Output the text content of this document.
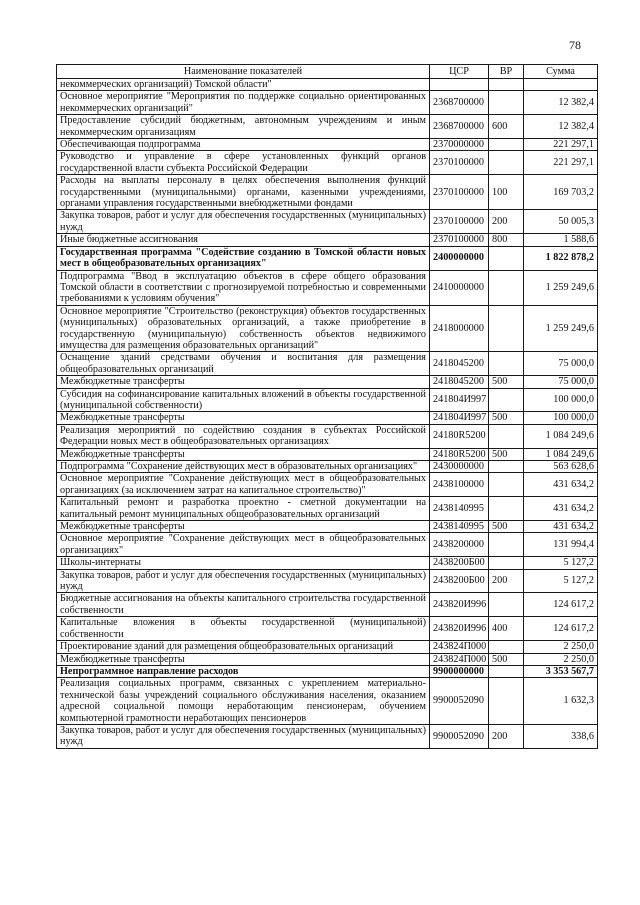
78
Наименование показателей	ЦСР	ВР	Сумма
некоммерческих организаций) Томской области"			
Основное мероприятие "Мероприятия по поддержке социально ориентированных некоммерческих организаций"	2368700000		12 382,4
Предоставление субсидий бюджетным, автономным учреждениям и иным некоммерческим организациям	2368700000	600	12 382,4
Обеспечивающая подпрограмма	2370000000		221 297,1
Руководство и управление в сфере установленных функций органов государственной власти субъекта Российской Федерации	2370100000		221 297,1
Расходы на выплаты персоналу в целях обеспечения выполнения функций государственными (муниципальными) органами, казенными учреждениями, органами управления государственными внебюджетными фондами	2370100000	100	169 703,2
Закупка товаров, работ и услуг для обеспечения государственных (муниципальных) нужд	2370100000	200	50 005,3
Иные бюджетные ассигнования	2370100000	800	1 588,6
Государственная программа "Содействие созданию в Томской области новых мест в общеобразовательных организациях"	2400000000		1 822 878,2
Подпрограмма "Ввод в эксплуатацию объектов в сфере общего образования Томской области в соответствии с прогнозируемой потребностью и современными требованиями к условиям обучения"	2410000000		1 259 249,6
Основное мероприятие "Строительство (реконструкция) объектов государственных (муниципальных) образовательных организаций, а также приобретение в государственную (муниципальную) собственность объектов недвижимого имущества для размещения образовательных организаций"	2418000000		1 259 249,6
Оснащение зданий средствами обучения и воспитания для размещения общеобразовательных организаций	2418045200		75 000,0
Межбюджетные трансферты	2418045200	500	75 000,0
Субсидия на софинансирование капитальных вложений в объекты государственной (муниципальной собственности)	241804И997		100 000,0
Межбюджетные трансферты	241804И997	500	100 000,0
Реализация мероприятий по содействию создания в субъектах Российской Федерации новых мест в общеобразовательных организациях	24180R5200		1 084 249,6
Межбюджетные трансферты	24180R5200	500	1 084 249,6
Подпрограмма "Сохранение действующих мест в образовательных организациях"	2430000000		563 628,6
Основное мероприятие "Сохранение действующих мест в общеобразовательных организациях (за исключением затрат на капитальное строительство)"	2438100000		431 634,2
Капитальный ремонт и разработка проектно - сметной документации на капитальный ремонт муниципальных общеобразовательных организаций	2438140995		431 634,2
Межбюджетные трансферты	2438140995	500	431 634,2
Основное мероприятие "Сохранение действующих мест в общеобразовательных организациях"	2438200000		131 994,4
Школы-интернаты	2438200Б00		5 127,2
Закупка товаров, работ и услуг для обеспечения государственных (муниципальных) нужд	2438200Б00	200	5 127,2
Бюджетные ассигнования на объекты капитального строительства государственной собственности	243820И996		124 617,2
Капитальные вложения в объекты государственной (муниципальной) собственности	243820И996	400	124 617,2
Проектирование зданий для размещения общеобразовательных организаций	243824П000		2 250,0
Межбюджетные трансферты	243824П000	500	2 250,0
Непрограммное направление расходов	9900000000		3 353 567,7
Реализация социальных программ, связанных с укреплением материально-технической базы учреждений социального обслуживания населения, оказанием адресной социальной помощи неработающим пенсионерам, обучением компьютерной грамотности неработающих пенсионеров	9900052090		1 632,3
Закупка товаров, работ и услуг для обеспечения государственных (муниципальных) нужд	9900052090	200	338,6
